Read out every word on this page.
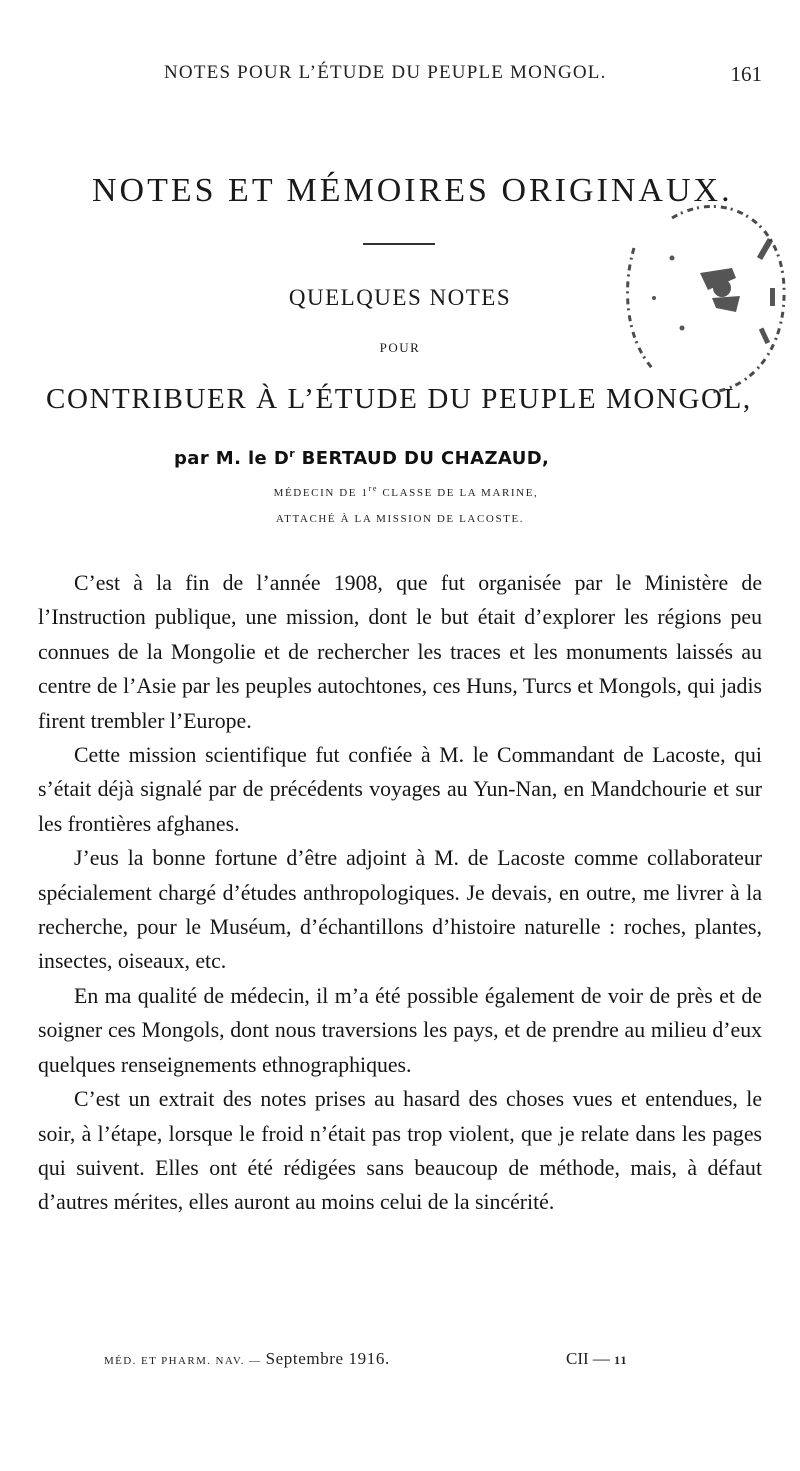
NOTES POUR L’ÉTUDE DU PEUPLE MONGOL.	161
NOTES ET MÉMOIRES ORIGINAUX.
QUELQUES NOTES
POUR
CONTRIBUER À L’ÉTUDE DU PEUPLE MONGOL,
par M. le $D^r$ BERTAUD DU CHAZAUD,
MÉDECIN DE 1re CLASSE DE LA MARINE,
ATTACHÉ À LA MISSION DE LACOSTE.

C’est à la fin de l’année 1908, que fut organisée par le Ministère de l’Instruction publique, une mission, dont le but était d’explorer les régions peu connues de la Mongolie et de rechercher les traces et les monuments laissés au centre de l’Asie par les peuples autochtones, ces Huns, Turcs et Mongols, qui jadis firent trembler l’Europe.

Cette mission scientifique fut confiée à M. le Commandant de Lacoste, qui s’était déjà signalé par de précédents voyages au Yun-Nan, en Mandchourie et sur les frontières afghanes.

J’eus la bonne fortune d’être adjoint à M. de Lacoste comme collaborateur spécialement chargé d’études anthropologiques. Je devais, en outre, me livrer à la recherche, pour le Muséum, d’échantillons d’histoire naturelle : roches, plantes, insectes, oiseaux, etc.

En ma qualité de médecin, il m’a été possible également de voir de près et de soigner ces Mongols, dont nous traversions les pays, et de prendre au milieu d’eux quelques renseignements ethnographiques.

C’est un extrait des notes prises au hasard des choses vues et entendues, le soir, à l’étape, lorsque le froid n’était pas trop violent, que je relate dans les pages qui suivent. Elles ont été rédigées sans beaucoup de méthode, mais, à défaut d’autres mérites, elles auront au moins celui de la sincérité.

MÉD. ET PHARM. NAV. — Septembre 1916.	CII — 11
